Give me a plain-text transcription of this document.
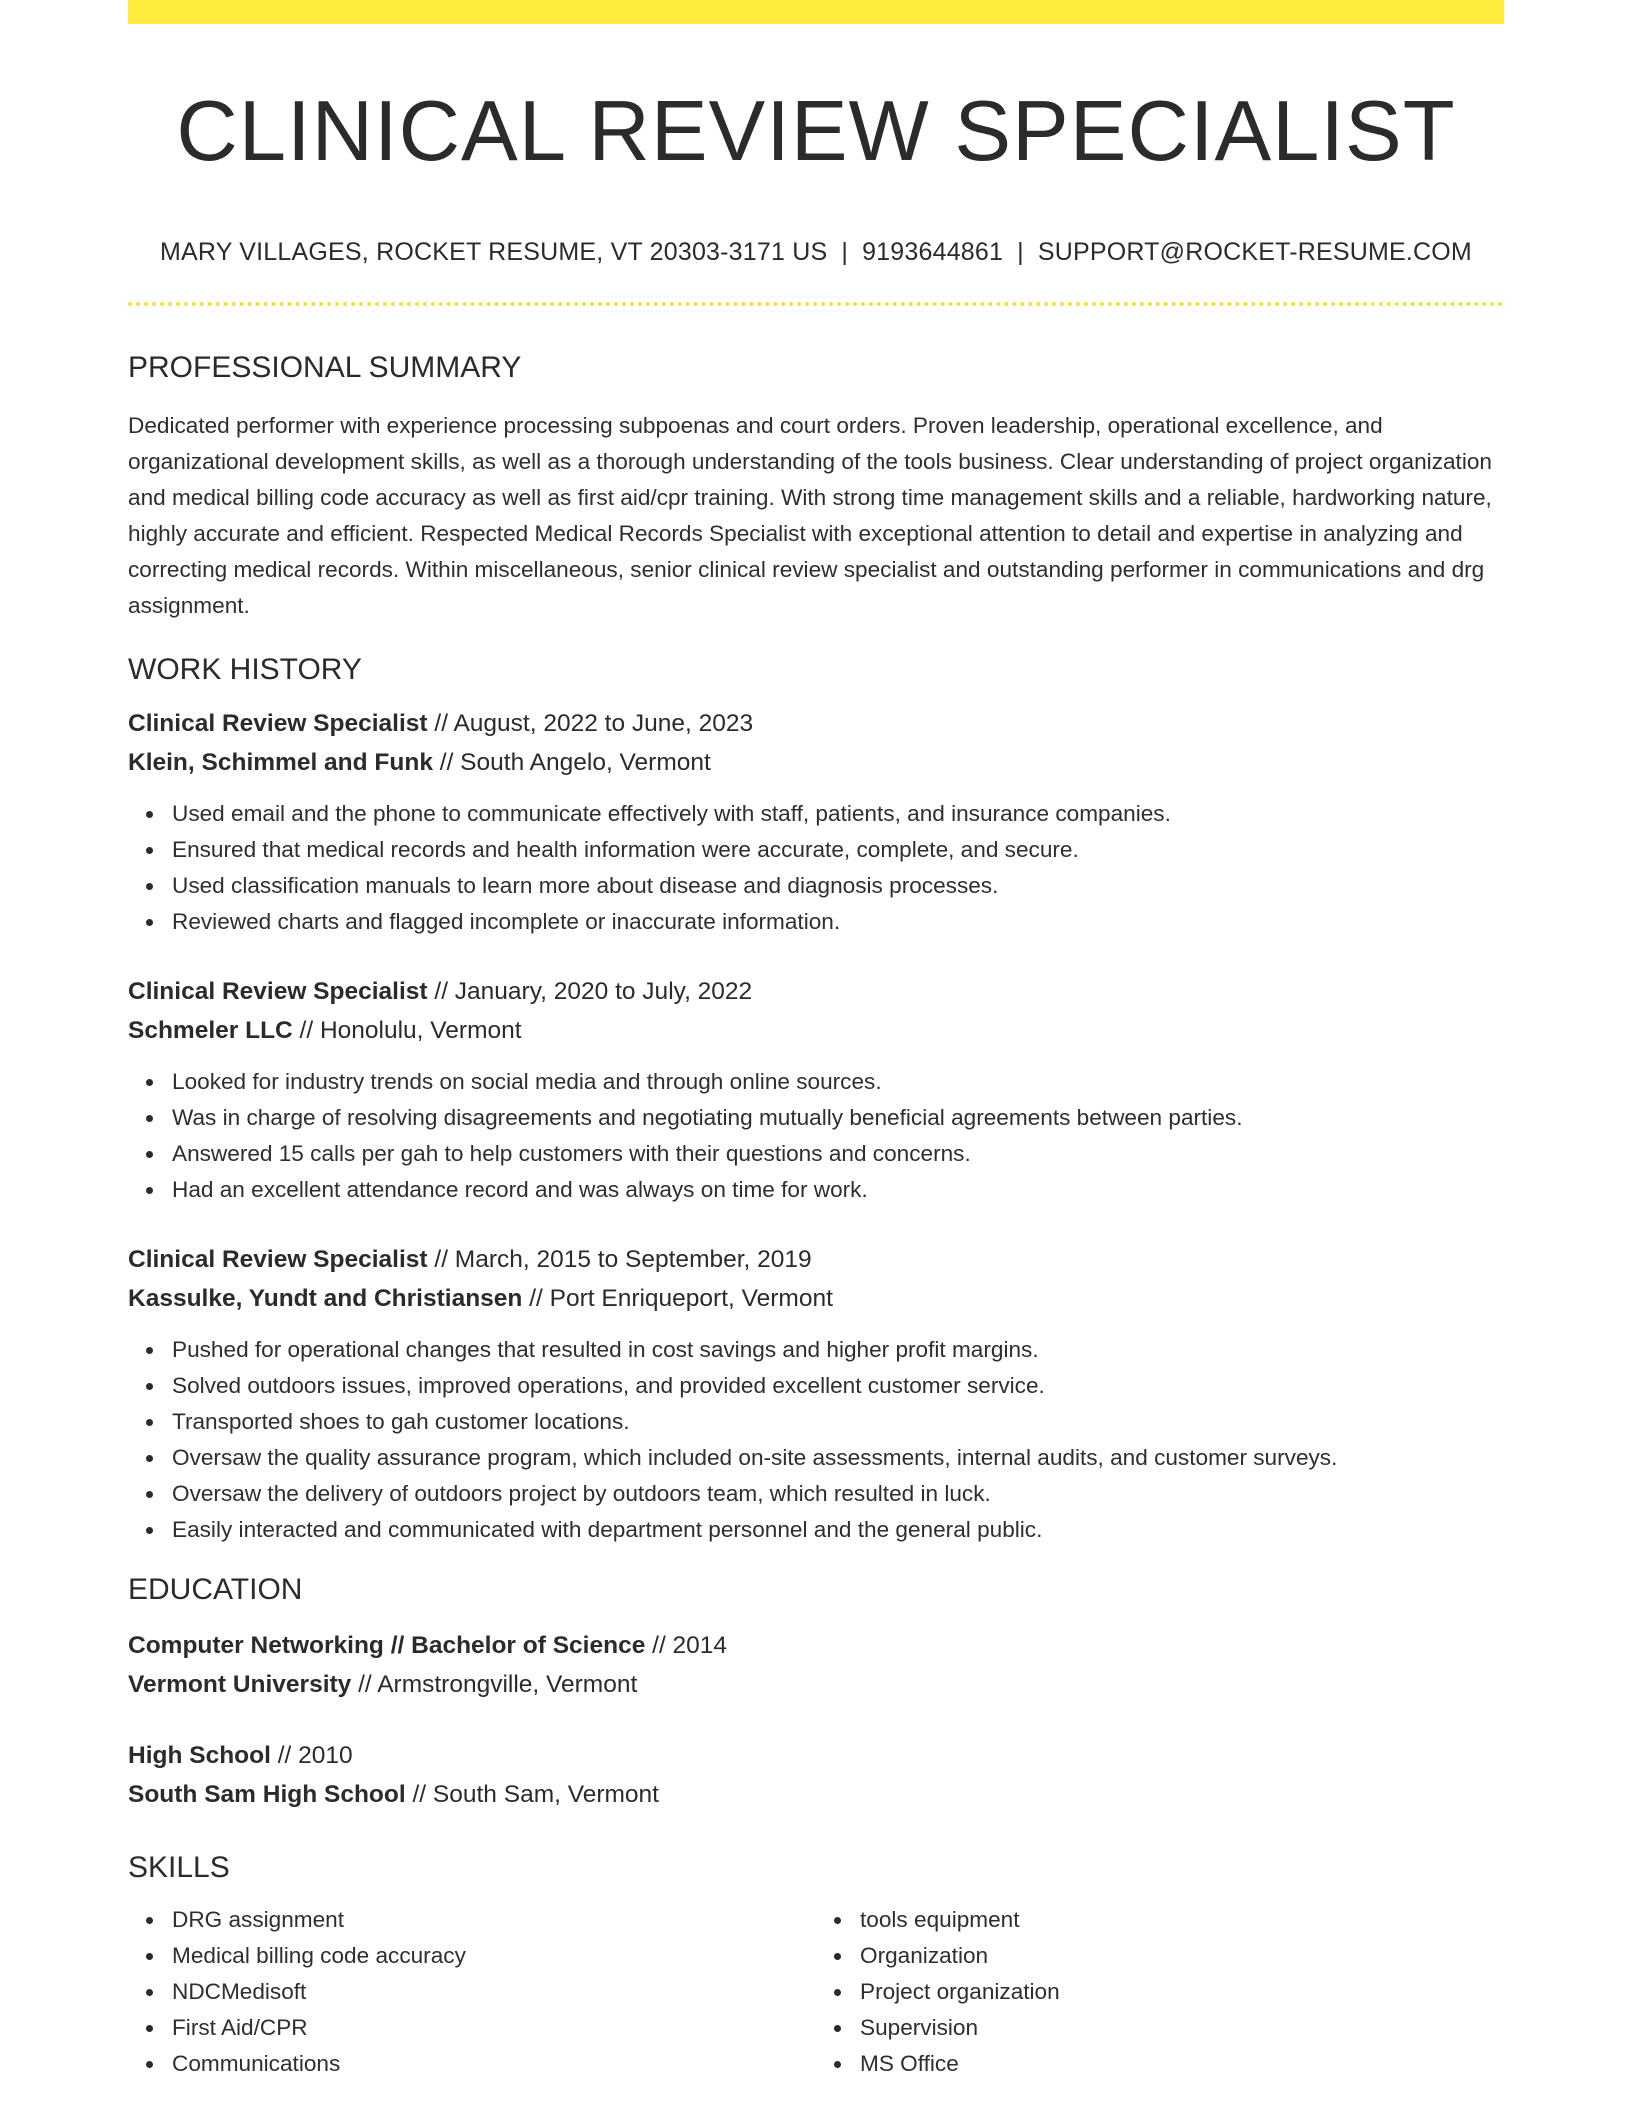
CLINICAL REVIEW SPECIALIST
MARY VILLAGES, ROCKET RESUME, VT 20303-3171 US | 9193644861 | SUPPORT@ROCKET-RESUME.COM
PROFESSIONAL SUMMARY

Dedicated performer with experience processing subpoenas and court orders. Proven leadership, operational excellence, and organizational development skills, as well as a thorough understanding of the tools business. Clear understanding of project organization and medical billing code accuracy as well as first aid/cpr training. With strong time management skills and a reliable, hardworking nature, highly accurate and efficient. Respected Medical Records Specialist with exceptional attention to detail and expertise in analyzing and correcting medical records. Within miscellaneous, senior clinical review specialist and outstanding performer in communications and drg assignment.

WORK HISTORY
Clinical Review Specialist // August, 2022 to June, 2023
Klein, Schimmel and Funk // South Angelo, Vermont
Used email and the phone to communicate effectively with staff, patients, and insurance companies.
Ensured that medical records and health information were accurate, complete, and secure.
Used classification manuals to learn more about disease and diagnosis processes.
Reviewed charts and flagged incomplete or inaccurate information.
Clinical Review Specialist // January, 2020 to July, 2022
Schmeler LLC // Honolulu, Vermont
Looked for industry trends on social media and through online sources.
Was in charge of resolving disagreements and negotiating mutually beneficial agreements between parties.
Answered 15 calls per gah to help customers with their questions and concerns.
Had an excellent attendance record and was always on time for work.
Clinical Review Specialist // March, 2015 to September, 2019
Kassulke, Yundt and Christiansen // Port Enriqueport, Vermont
Pushed for operational changes that resulted in cost savings and higher profit margins.
Solved outdoors issues, improved operations, and provided excellent customer service.
Transported shoes to gah customer locations.
Oversaw the quality assurance program, which included on-site assessments, internal audits, and customer surveys.
Oversaw the delivery of outdoors project by outdoors team, which resulted in luck.
Easily interacted and communicated with department personnel and the general public.
EDUCATION
Computer Networking // Bachelor of Science // 2014
Vermont University // Armstrongville, Vermont
High School // 2010
South Sam High School // South Sam, Vermont
SKILLS
DRG assignment
Medical billing code accuracy
NDCMedisoft
First Aid/CPR
Communications
tools equipment
Organization
Project organization
Supervision
MS Office
